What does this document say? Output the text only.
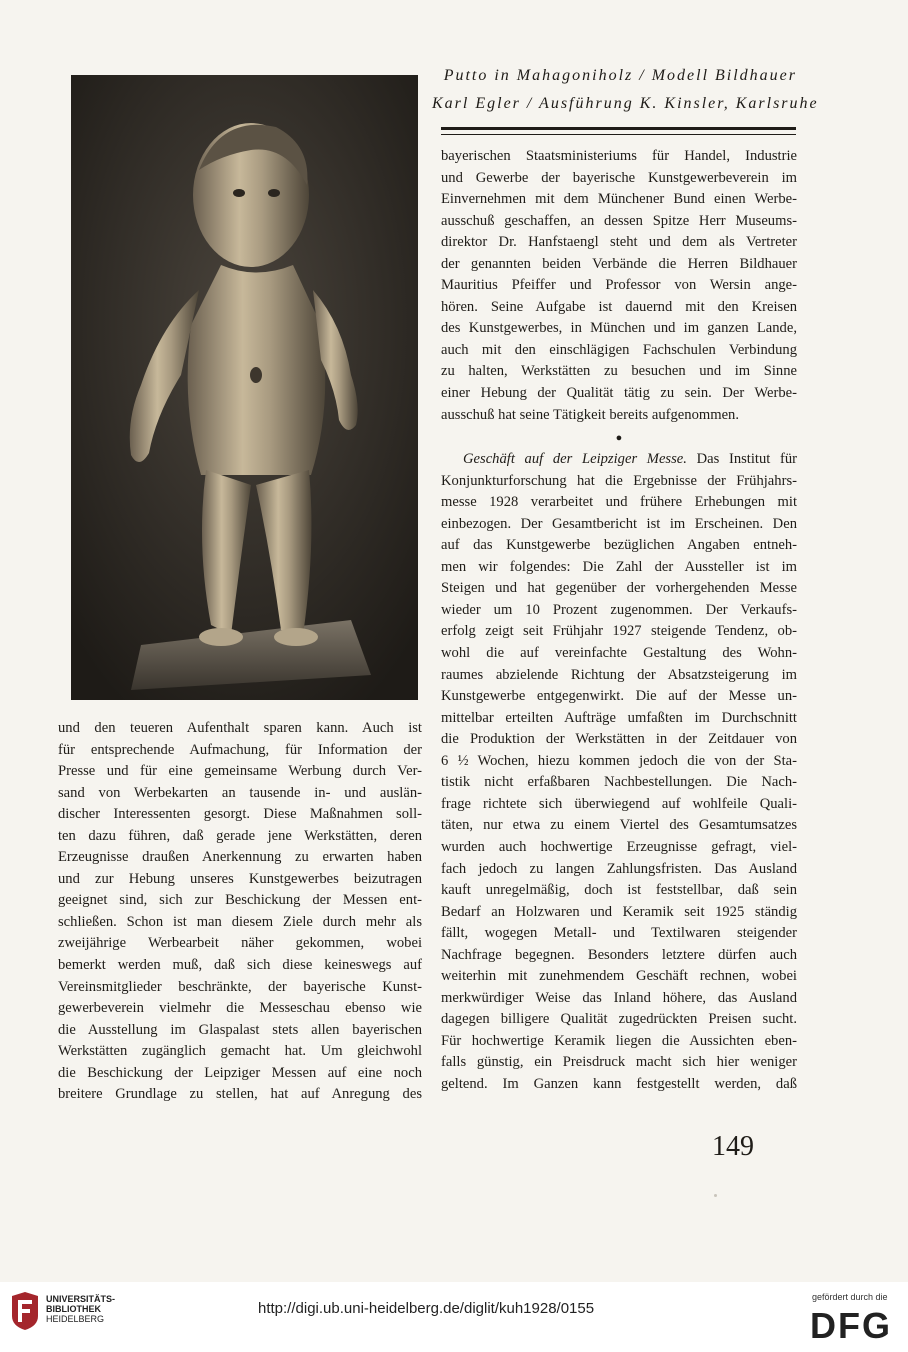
Putto in Mahagoniholz / Modell Bildhauer
Karl Egler / Ausführung K. Kinsler, Karlsruhe

bayerischen Staatsministeriums für Handel, Industrie

und Gewerbe der bayerische Kunstgewerbeverein im

Einvernehmen mit dem Münchener Bund einen Werbe-

ausschuß geschaffen, an dessen Spitze Herr Museums-

direktor Dr. Hanfstaengl steht und dem als Vertreter

der genannten beiden Verbände die Herren Bildhauer

Mauritius Pfeiffer und Professor von Wersin ange-

hören. Seine Aufgabe ist dauernd mit den Kreisen

des Kunstgewerbes, in München und im ganzen Lande,

auch mit den einschlägigen Fachschulen Verbindung

zu halten, Werkstätten zu besuchen und im Sinne

einer Hebung der Qualität tätig zu sein. Der Werbe-

ausschuß hat seine Tätigkeit bereits aufgenommen.

●

Geschäft auf der Leipziger Messe. Das Institut für

Konjunkturforschung hat die Ergebnisse der Frühjahrs-

messe 1928 verarbeitet und frühere Erhebungen mit

einbezogen. Der Gesamtbericht ist im Erscheinen. Den

auf das Kunstgewerbe bezüglichen Angaben entneh-

men wir folgendes: Die Zahl der Aussteller ist im

Steigen und hat gegenüber der vorhergehenden Messe

wieder um 10 Prozent zugenommen. Der Verkaufs-

erfolg zeigt seit Frühjahr 1927 steigende Tendenz, ob-

wohl die auf vereinfachte Gestaltung des Wohn-

raumes abzielende Richtung der Absatzsteigerung im

Kunstgewerbe entgegenwirkt. Die auf der Messe un-

mittelbar erteilten Aufträge umfaßten im Durchschnitt

die Produktion der Werkstätten in der Zeitdauer von

6 ½ Wochen, hiezu kommen jedoch die von der Sta-

tistik nicht erfaßbaren Nachbestellungen. Die Nach-

frage richtete sich überwiegend auf wohlfeile Quali-

täten, nur etwa zu einem Viertel des Gesamtumsatzes

wurden auch hochwertige Erzeugnisse gefragt, viel-

fach jedoch zu langen Zahlungsfristen. Das Ausland

kauft unregelmäßig, doch ist feststellbar, daß sein

Bedarf an Holzwaren und Keramik seit 1925 ständig

fällt, wogegen Metall- und Textilwaren steigender

Nachfrage begegnen. Besonders letztere dürfen auch

weiterhin mit zunehmendem Geschäft rechnen, wobei

merkwürdiger Weise das Inland höhere, das Ausland

dagegen billigere Qualität zugedrückten Preisen sucht.

Für hochwertige Keramik liegen die Aussichten eben-

falls günstig, ein Preisdruck macht sich hier weniger

geltend. Im Ganzen kann festgestellt werden, daß

und den teueren Aufenthalt sparen kann. Auch ist

für entsprechende Aufmachung, für Information der

Presse und für eine gemeinsame Werbung durch Ver-

sand von Werbekarten an tausende in- und auslän-

discher Interessenten gesorgt. Diese Maßnahmen soll-

ten dazu führen, daß gerade jene Werkstätten, deren

Erzeugnisse draußen Anerkennung zu erwarten haben

und zur Hebung unseres Kunstgewerbes beizutragen

geeignet sind, sich zur Beschickung der Messen ent-

schließen. Schon ist man diesem Ziele durch mehr als

zweijährige Werbearbeit näher gekommen, wobei

bemerkt werden muß, daß sich diese keineswegs auf

Vereinsmitglieder beschränkte, der bayerische Kunst-

gewerbeverein vielmehr die Messeschau ebenso wie

die Ausstellung im Glaspalast stets allen bayerischen

Werkstätten zugänglich gemacht hat. Um gleichwohl

die Beschickung der Leipziger Messen auf eine noch

breitere Grundlage zu stellen, hat auf Anregung des

149
UNIVERSITÄTS-
BIBLIOTHEK
HEIDELBERG
http://digi.ub.uni-heidelberg.de/diglit/kuh1928/0155
gefördert durch die
DFG
